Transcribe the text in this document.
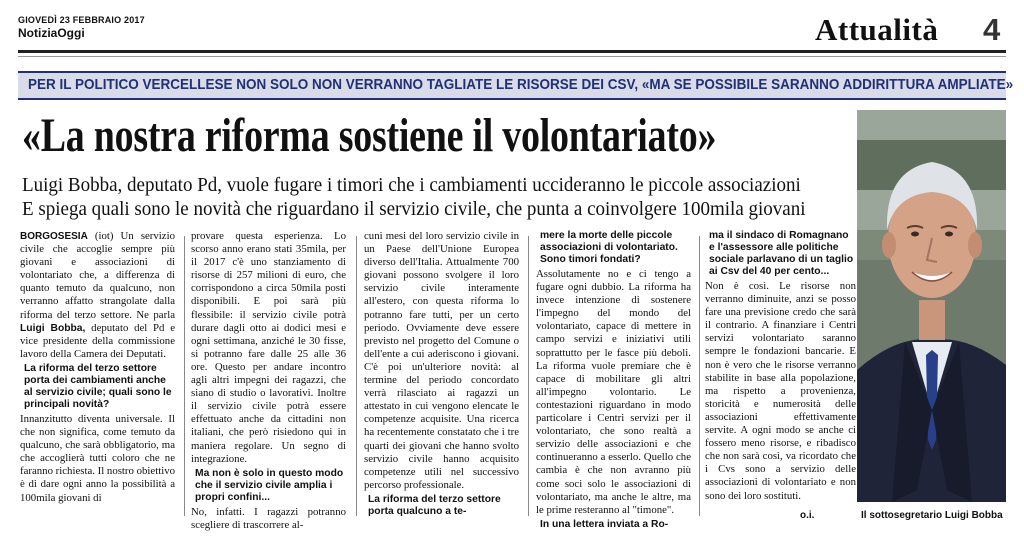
GIOVEDÌ 23 FEBBRAIO 2017
NotiziaOggi	Attualità 4
PER IL POLITICO VERCELLESE NON SOLO NON VERRANNO TAGLIATE LE RISORSE DEI CSV, «MA SE POSSIBILE SARANNO ADDIRITTURA AMPLIATE»
«La nostra riforma sostiene il volontariato»
Luigi Bobba, deputato Pd, vuole fugare i timori che i cambiamenti uccideranno le piccole associazioni
E spiega quali sono le novità che riguardano il servizio civile, che punta a coinvolgere 100mila giovani

BORGOSESIA (iot) Un servizio civile che accoglie sempre più giovani e associazioni di volontariato che, a differenza di quanto temuto da qualcuno, non verranno affatto strangolate dalla riforma del terzo settore. Ne parla Luigi Bobba, deputato del Pd e vice presidente della commissione lavoro della Camera dei Deputati.

La riforma del terzo settore porta dei cambiamenti anche al servizio civile; quali sono le principali novità?

Innanzitutto diventa universale. Il che non significa, come temuto da qualcuno, che sarà obbligatorio, ma che accoglierà tutti coloro che ne faranno richiesta. Il nostro obiettivo è di dare ogni anno la possibilità a 100mila giovani di

provare questa esperienza. Lo scorso anno erano stati 35mila, per il 2017 c'è uno stanziamento di risorse di 257 milioni di euro, che corrispondono a circa 50mila posti disponibili. E poi sarà più flessibile: il servizio civile potrà durare dagli otto ai dodici mesi e ogni settimana, anziché le 30 fisse, si potranno fare dalle 25 alle 36 ore. Questo per andare incontro agli altri impegni dei ragazzi, che siano di studio o lavorativi. Inoltre il servizio civile potrà essere effettuato anche da cittadini non italiani, che però risiedono qui in maniera regolare. Un segno di integrazione.

Ma non è solo in questo modo che il servizio civile amplia i propri confini...

No, infatti. I ragazzi potranno scegliere di trascorrere al-

cuni mesi del loro servizio civile in un Paese dell'Unione Europea diverso dell'Italia. Attualmente 700 giovani possono svolgere il loro servizio civile interamente all'estero, con questa riforma lo potranno fare tutti, per un certo periodo. Ovviamente deve essere previsto nel progetto del Comune o dell'ente a cui aderiscono i giovani. C'è poi un'ulteriore novità: al termine del periodo concordato verrà rilasciato ai ragazzi un attestato in cui vengono elencate le competenze acquisite. Una ricerca ha recentemente constatato che i tre quarti dei giovani che hanno svolto servizio civile hanno acquisito competenze utili nel successivo percorso professionale.

La riforma del terzo settore porta qualcuno a te-

mere la morte delle piccole associazioni di volontariato. Sono timori fondati?

Assolutamente no e ci tengo a fugare ogni dubbio. La riforma ha invece intenzione di sostenere l'impegno del mondo del volontariato, capace di mettere in campo servizi e iniziativi utili soprattutto per le fasce più deboli. La riforma vuole premiare che è capace di mobilitare gli altri all'impegno volontario. Le contestazioni riguardano in modo particolare i Centri servizi per il volontariato, che sono realtà a servizio delle associazioni e che continueranno a esserlo. Quello che cambia è che non avranno più come soci solo le associazioni di volontariato, ma anche le altre, ma le prime resteranno al "timone".

In una lettera inviata a Ro-

ma il sindaco di Romagnano e l'assessore alle politiche sociale parlavano di un taglio ai Csv del 40 per cento...

Non è così. Le risorse non verranno diminuite, anzi se posso fare una previsione credo che sarà il contrario. A finanziare i Centri servizi volontariato saranno sempre le fondazioni bancarie. E non è vero che le risorse verranno stabilite in base alla popolazione, ma rispetto a provenienza, storicità e numerosità delle associazioni effettivamente servite. A ogni modo se anche ci fossero meno risorse, e ribadisco che non sarà così, va ricordato che i Cvs sono a servizio delle associazioni di volontariato e non sono dei loro sostituti.

o.i.	Il sottosegretario Luigi Bobba
